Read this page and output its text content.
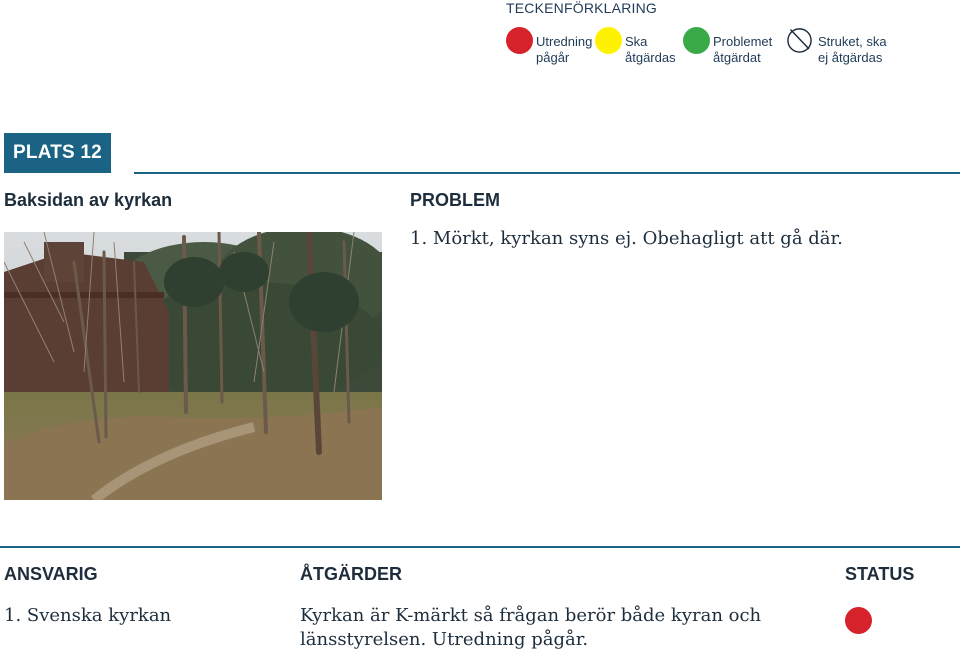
TECKENFÖRKLARING
Utredning
pågår
Ska
åtgärdas
Problemet
åtgärdat
Struket, ska
ej åtgärdas
PLATS 12
Baksidan av kyrkan	PROBLEM
1. Mörkt, kyrkan syns ej. Obehagligt att gå där.
ANSVARIG	ÅTGÄRDER	STATUS
1. Svenska kyrkan	Kyrkan är K-märkt så frågan berör både kyran och
länsstyrelsen. Utredning pågår.
